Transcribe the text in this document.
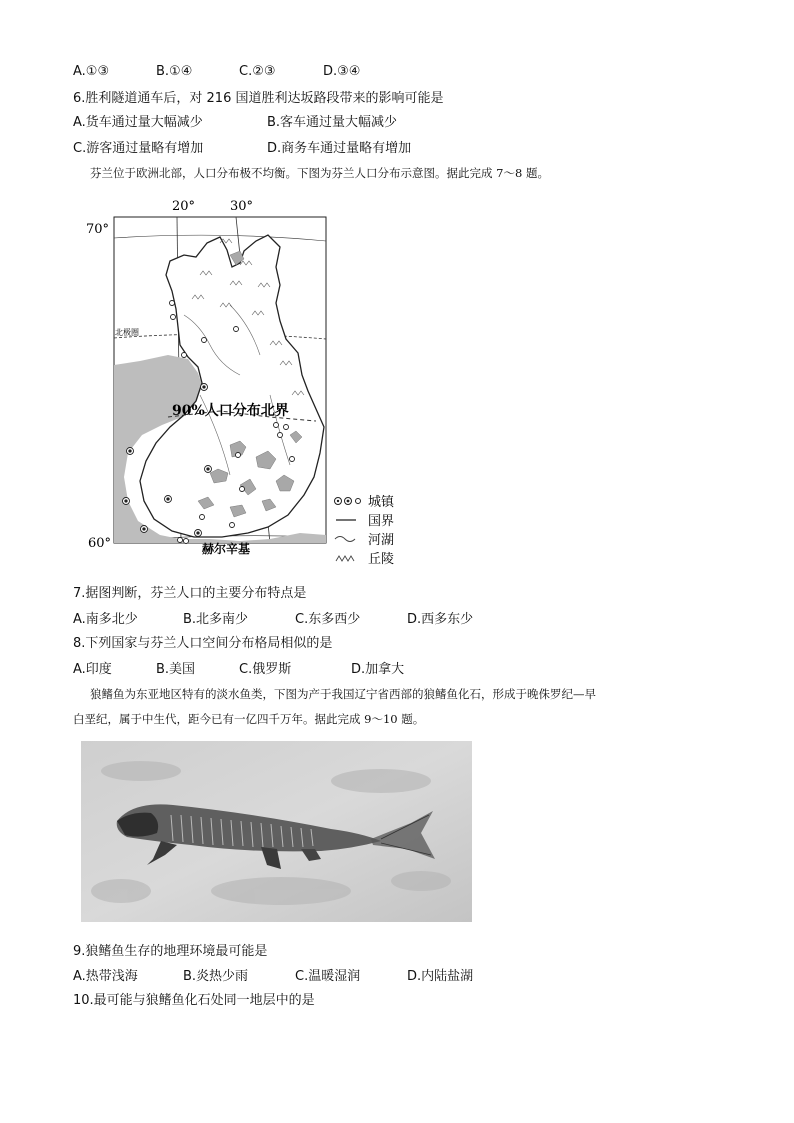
A.①③	B.①④	C.②③	D.③④
6.胜利隧道通车后，对 216 国道胜利达坂路段带来的影响可能是
A.货车通过量大幅减少	B.客车通过量大幅减少
C.游客通过量略有增加	D.商务车通过量略有增加
芬兰位于欧洲北部，人口分布极不均衡。下图为芬兰人口分布示意图。据此完成 7～8 题。
20°	30°
70°
60°
北极圈
90%人口分布北界
赫尔辛基
城镇
国界
河湖
丘陵
7.据图判断，芬兰人口的主要分布特点是
A.南多北少	B.北多南少	C.东多西少	D.西多东少
8.下列国家与芬兰人口空间分布格局相似的是
A.印度	B.美国	C.俄罗斯	D.加拿大
狼鳍鱼为东亚地区特有的淡水鱼类，下图为产于我国辽宁省西部的狼鳍鱼化石，形成于晚侏罗纪—早
白垩纪，属于中生代，距今已有一亿四千万年。据此完成 9～10 题。
9.狼鳍鱼生存的地理环境最可能是
A.热带浅海	B.炎热少雨	C.温暖湿润	D.内陆盐湖
10.最可能与狼鳍鱼化石处同一地层中的是
